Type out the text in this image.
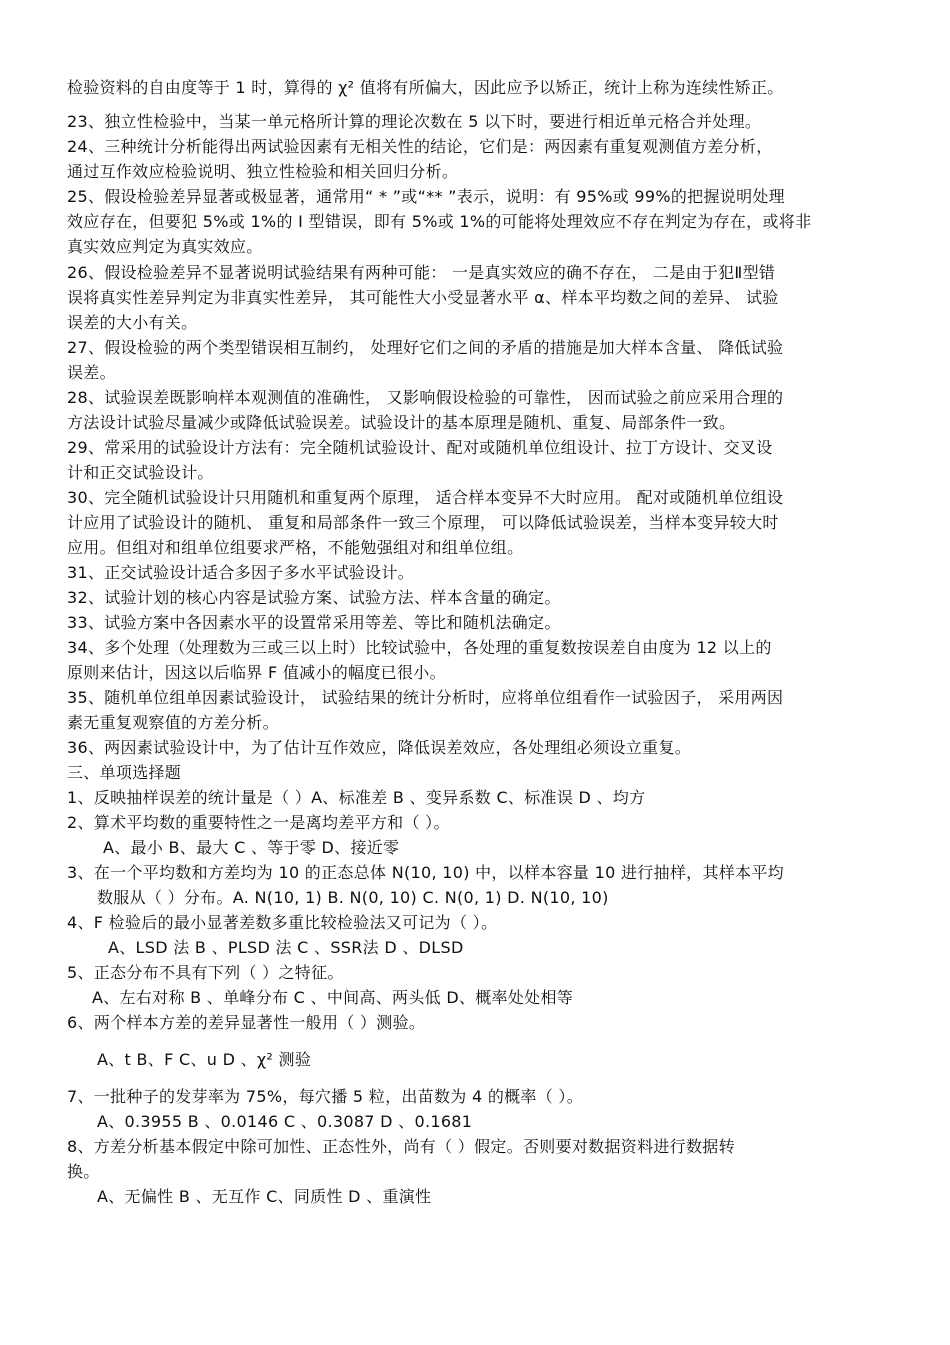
检验资料的自由度等于 1 时，算得的 χ² 值将有所偏大，因此应予以矫正，统计上称为连续性矫正。
23、独立性检验中，当某一单元格所计算的理论次数在 5 以下时，要进行相近单元格合并处理。
24、三种统计分析能得出两试验因素有无相关性的结论，它们是：两因素有重复观测值方差分析，
通过互作效应检验说明、独立性检验和相关回归分析。
25、假设检验差异显著或极显著，通常用“ * ”或“** ”表示，说明：有 95%或 99%的把握说明处理
效应存在，但要犯 5%或 1%的 I 型错误，即有 5%或 1%的可能将处理效应不存在判定为存在，或将非
真实效应判定为真实效应。
26、假设检验差异不显著说明试验结果有两种可能： 一是真实效应的确不存在， 二是由于犯Ⅱ型错
误将真实性差异判定为非真实性差异， 其可能性大小受显著水平 α、样本平均数之间的差异、 试验
误差的大小有关。
27、假设检验的两个类型错误相互制约， 处理好它们之间的矛盾的措施是加大样本含量、 降低试验
误差。
28、试验误差既影响样本观测值的准确性， 又影响假设检验的可靠性， 因而试验之前应采用合理的
方法设计试验尽量减少或降低试验误差。试验设计的基本原理是随机、重复、局部条件一致。
29、常采用的试验设计方法有：完全随机试验设计、配对或随机单位组设计、拉丁方设计、交叉设
计和正交试验设计。
30、完全随机试验设计只用随机和重复两个原理， 适合样本变异不大时应用。 配对或随机单位组设
计应用了试验设计的随机、 重复和局部条件一致三个原理， 可以降低试验误差，当样本变异较大时
应用。但组对和组单位组要求严格，不能勉强组对和组单位组。
31、正交试验设计适合多因子多水平试验设计。
32、试验计划的核心内容是试验方案、试验方法、样本含量的确定。
33、试验方案中各因素水平的设置常采用等差、等比和随机法确定。
34、多个处理（处理数为三或三以上时）比较试验中，各处理的重复数按误差自由度为 12 以上的
原则来估计，因这以后临界 F 值减小的幅度已很小。
35、随机单位组单因素试验设计， 试验结果的统计分析时，应将单位组看作一试验因子， 采用两因
素无重复观察值的方差分析。
36、两因素试验设计中，为了估计互作效应，降低误差效应，各处理组必须设立重复。
三、单项选择题
1、反映抽样误差的统计量是（ ）A、标准差 B 、变异系数 C、标准误 D 、均方
2、算术平均数的重要特性之一是离均差平方和（ ）。
A、最小 B、最大 C 、等于零 D、接近零
3、在一个平均数和方差均为 10 的正态总体 N(10, 10) 中，以样本容量 10 进行抽样，其样本平均
数服从（ ）分布。A. N(10, 1) B. N(0, 10) C. N(0, 1) D. N(10, 10)
4、F 检验后的最小显著差数多重比较检验法又可记为（ ）。
A、LSD 法 B 、PLSD 法 C 、SSR法 D 、DLSD
5、正态分布不具有下列（ ）之特征。
A、左右对称 B 、单峰分布 C 、中间高、两头低 D、概率处处相等
6、两个样本方差的差异显著性一般用（ ）测验。
A、t B、F C、u D 、χ² 测验
7、一批种子的发芽率为 75%，每穴播 5 粒，出苗数为 4 的概率（ ）。
A、0.3955 B 、0.0146 C 、0.3087 D 、0.1681
8、方差分析基本假定中除可加性、正态性外，尚有（ ）假定。否则要对数据资料进行数据转
换。
A、无偏性 B 、无互作 C、同质性 D 、重演性
